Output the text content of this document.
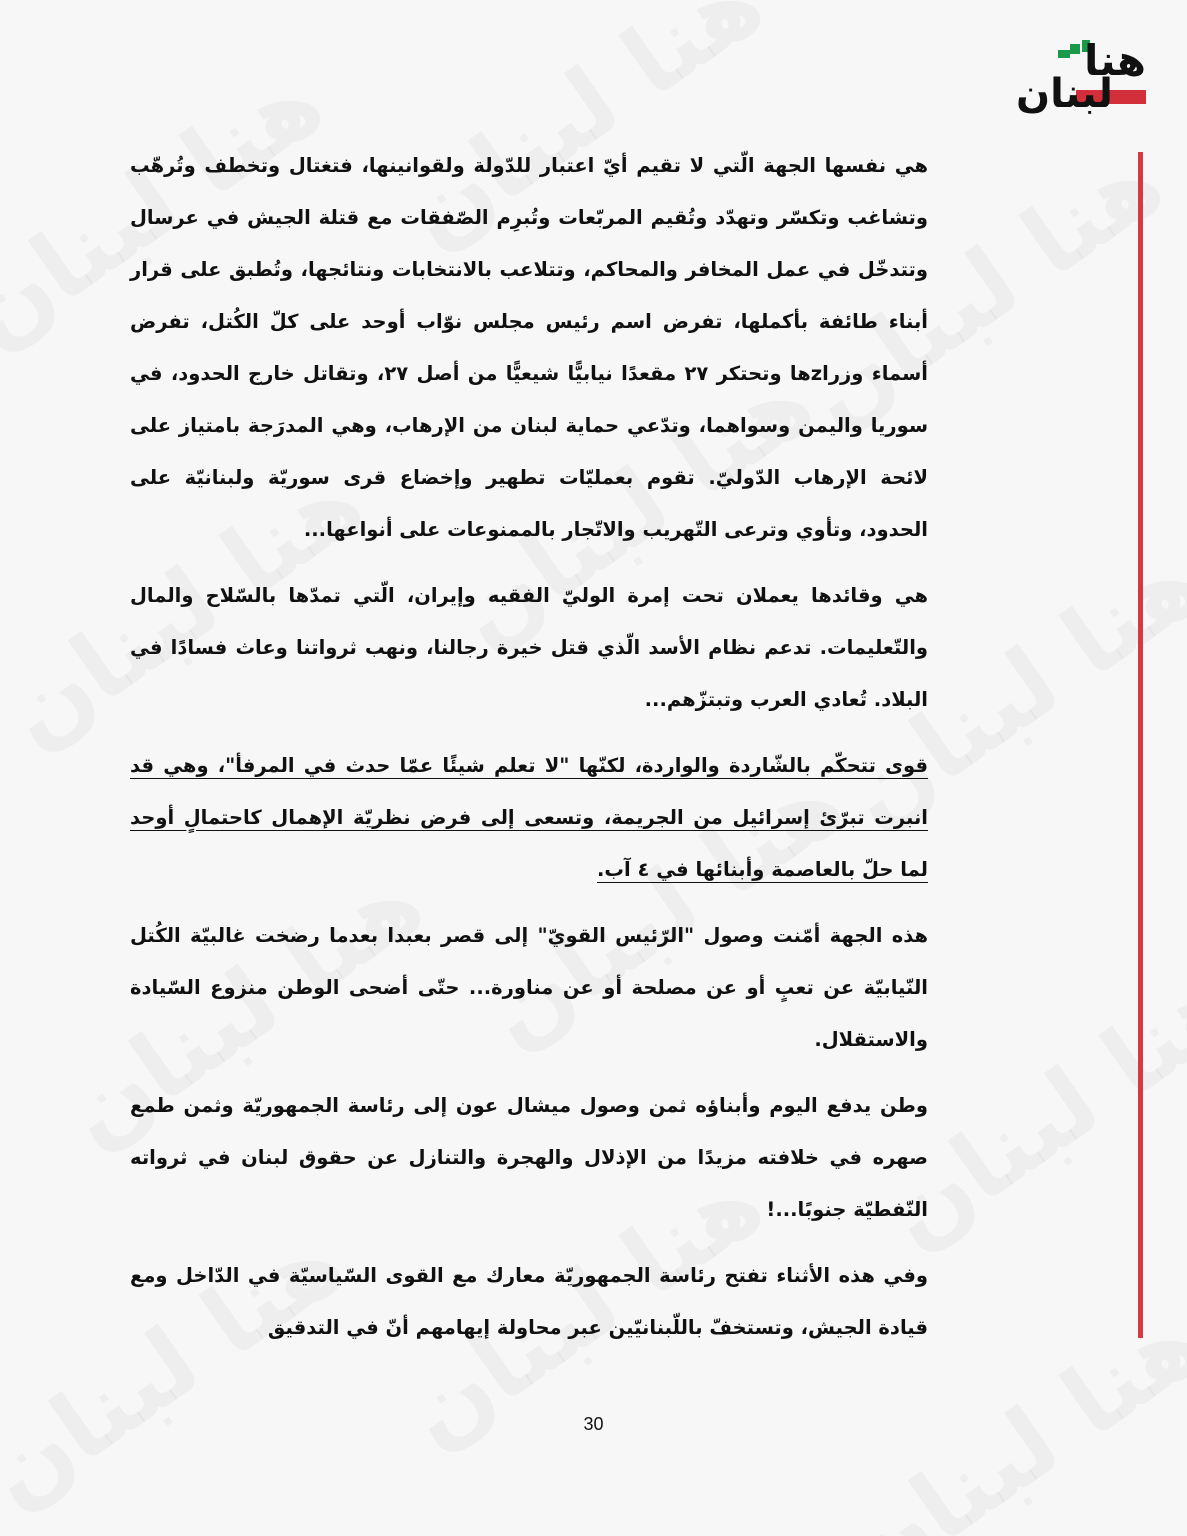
هنا
لبنان

هي نفسها الجهة الّتي لا تقيم أيّ اعتبار للدّولة ولقوانينها، فتغتال وتخطف وتُرهّب وتشاغب وتكسّر وتهدّد وتُقيم المربّعات وتُبرِم الصّفقات مع قتلة الجيش في عرسال وتتدخّل في عمل المخافر والمحاكم، وتتلاعب بالانتخابات ونتائجها، وتُطبق على قرار أبناء طائفة بأكملها، تفرض اسم رئيس مجلس نوّاب أوحد على كلّ الكُتل، تفرض أسماء وزراzها وتحتكر ٢٧ مقعدًا نيابيًّا شيعيًّا من أصل ٢٧، وتقاتل خارج الحدود، في سوريا واليمن وسواهما، وتدّعي حماية لبنان من الإرهاب، وهي المدرَجة بامتياز على لائحة الإرهاب الدّوليّ. تقوم بعمليّات تطهير وإخضاع قرى سوريّة ولبنانيّة على الحدود، وتأوي وترعى التّهريب والاتّجار بالممنوعات على أنواعها...

هي وقائدها يعملان تحت إمرة الوليّ الفقيه وإيران، الّتي تمدّها بالسّلاح والمال والتّعليمات. تدعم نظام الأسد الّذي قتل خيرة رجالنا، ونهب ثرواتنا وعاث فسادًا في البلاد. تُعادي العرب وتبتزّهم...

قوى تتحكّم بالشّاردة والواردة، لكنّها "لا تعلم شيئًا عمّا حدث في المرفأ"، وهي قد انبرت تبرّئ إسرائيل من الجريمة، وتسعى إلى فرض نظريّة الإهمال كاحتمالٍ أوحد لما حلّ بالعاصمة وأبنائها في ٤ آب.

هذه الجهة أمّنت وصول "الرّئيس القويّ" إلى قصر بعبدا بعدما رضخت غالبيّة الكُتل النّيابيّة عن تعبٍ أو عن مصلحة أو عن مناورة... حتّى أضحى الوطن منزوع السّيادة والاستقلال.

وطن يدفع اليوم وأبناؤه ثمن وصول ميشال عون إلى رئاسة الجمهوريّة وثمن طمع صهره في خلافته مزيدًا من الإذلال والهجرة والتنازل عن حقوق لبنان في ثرواته النّفطيّة جنوبًا...!

وفي هذه الأثناء تفتح رئاسة الجمهوريّة معارك مع القوى السّياسيّة في الدّاخل ومع قيادة الجيش، وتستخفّ باللّبنانيّين عبر محاولة إيهامهم أنّ في التدقيق

30
